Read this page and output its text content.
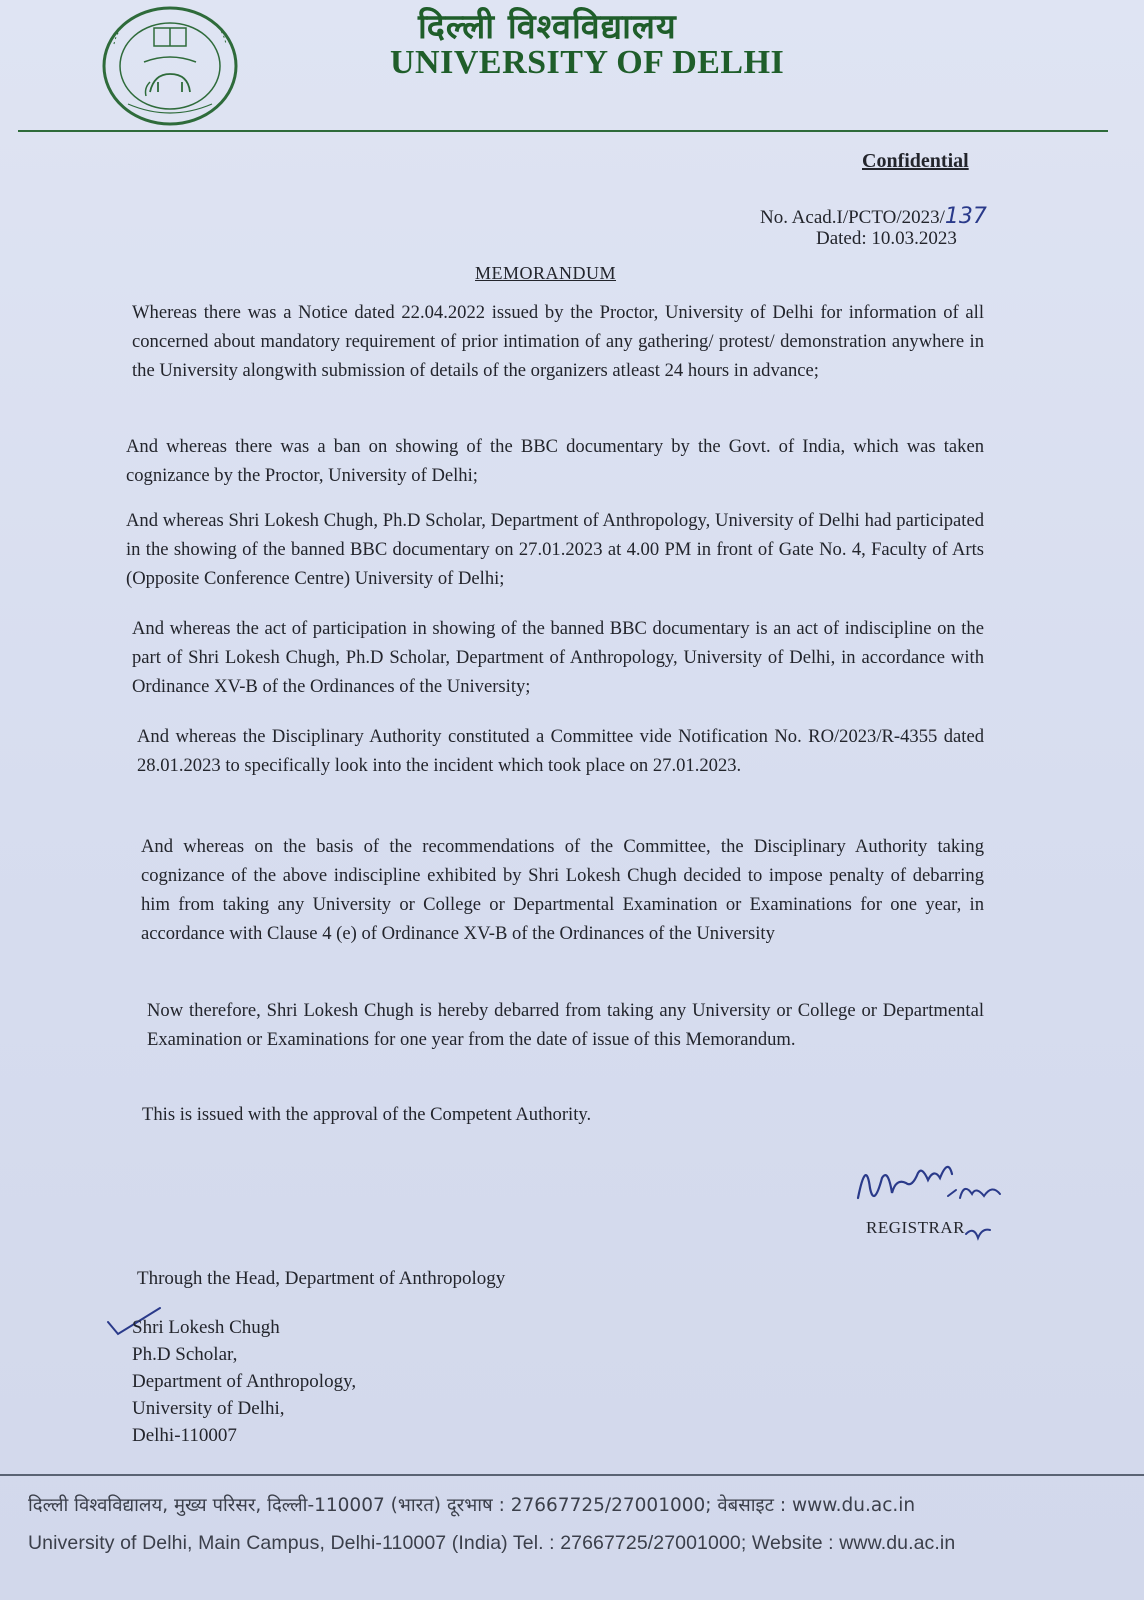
दिल्ली विश्वविद्यालय
UNIVERSITY OF DELHI
Confidential
No. Acad.I/PCTO/2023/137
Dated: 10.03.2023
MEMORANDUM

Whereas there was a Notice dated 22.04.2022 issued by the Proctor, University of Delhi for information of all concerned about mandatory requirement of prior intimation of any gathering/ protest/ demonstration anywhere in the University alongwith submission of details of the organizers atleast 24 hours in advance;

And whereas there was a ban on showing of the BBC documentary by the Govt. of India, which was taken cognizance by the Proctor, University of Delhi;

And whereas Shri Lokesh Chugh, Ph.D Scholar, Department of Anthropology, University of Delhi had participated in the showing of the banned BBC documentary on 27.01.2023 at 4.00 PM in front of Gate No. 4, Faculty of Arts (Opposite Conference Centre) University of Delhi;

And whereas the act of participation in showing of the banned BBC documentary is an act of indiscipline on the part of Shri Lokesh Chugh, Ph.D Scholar, Department of Anthropology, University of Delhi, in accordance with Ordinance XV-B of the Ordinances of the University;

And whereas the Disciplinary Authority constituted a Committee vide Notification No. RO/2023/R-4355 dated 28.01.2023 to specifically look into the incident which took place on 27.01.2023.

And whereas on the basis of the recommendations of the Committee, the Disciplinary Authority taking cognizance of the above indiscipline exhibited by Shri Lokesh Chugh decided to impose penalty of debarring him from taking any University or College or Departmental Examination or Examinations for one year, in accordance with Clause 4 (e) of Ordinance XV-B of the Ordinances of the University

Now therefore, Shri Lokesh Chugh is hereby debarred from taking any University or College or Departmental Examination or Examinations for one year from the date of issue of this Memorandum.

This is issued with the approval of the Competent Authority.

REGISTRAR
Through the Head, Department of Anthropology
Shri Lokesh Chugh
Ph.D Scholar,
Department of Anthropology,
University of Delhi,
Delhi-110007
दिल्ली विश्वविद्यालय, मुख्य परिसर, दिल्ली-110007 (भारत) दूरभाष : 27667725/27001000; वेबसाइट : www.du.ac.in
University of Delhi, Main Campus, Delhi-110007 (India) Tel. : 27667725/27001000; Website : www.du.ac.in
